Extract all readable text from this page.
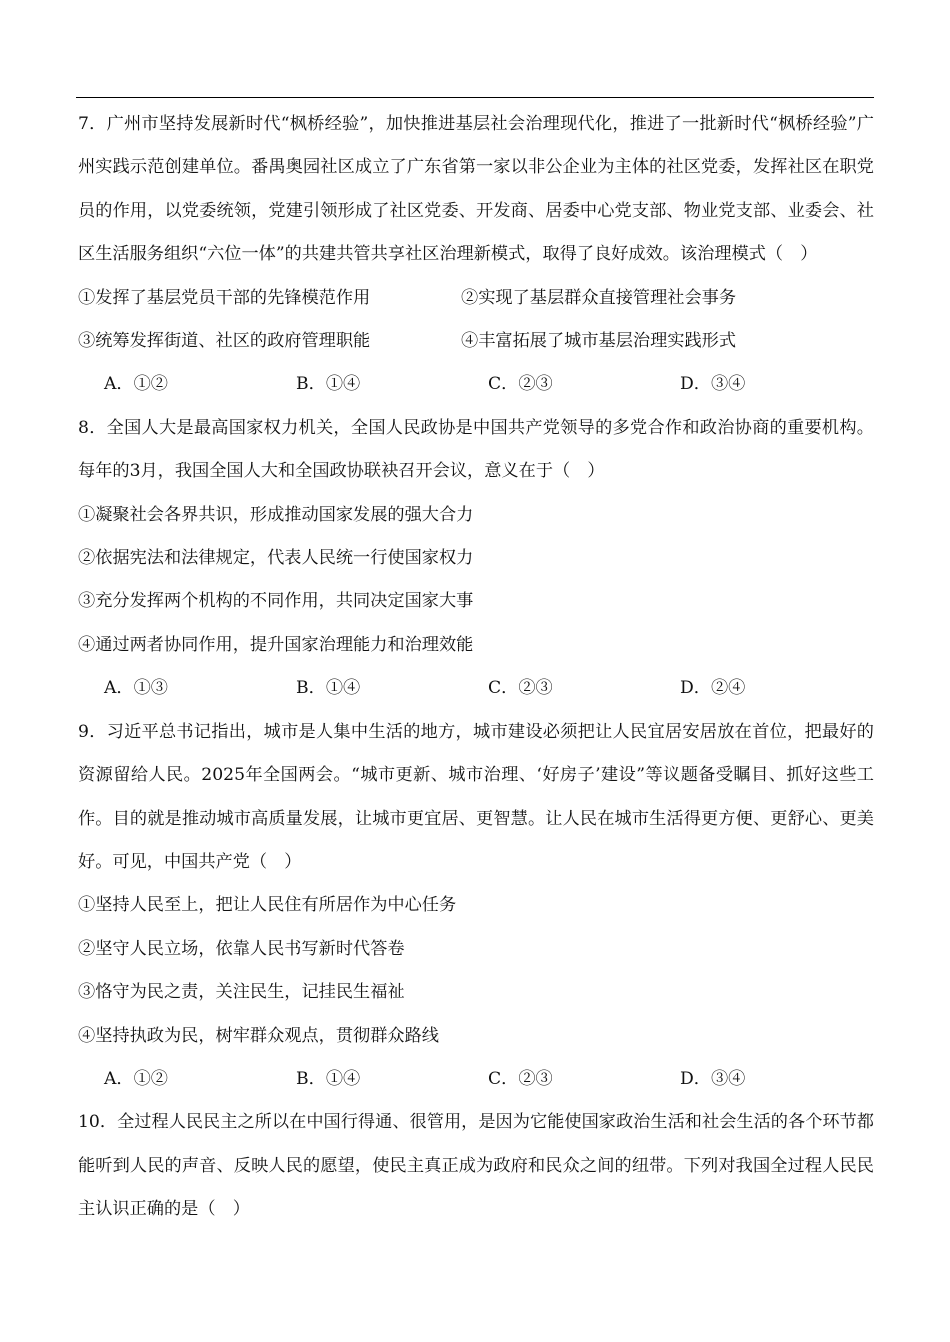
7．广州市坚持发展新时代“枫桥经验”，加快推进基层社会治理现代化，推进了一批新时代“枫桥经验”广州实践示范创建单位。番禺奥园社区成立了广东省第一家以非公企业为主体的社区党委，发挥社区在职党员的作用，以党委统领，党建引领形成了社区党委、开发商、居委中心党支部、物业党支部、业委会、社区生活服务组织“六位一体”的共建共管共享社区治理新模式，取得了良好成效。该治理模式（　）
①发挥了基层党员干部的先锋模范作用	②实现了基层群众直接管理社会事务
③统筹发挥街道、社区的政府管理职能	④丰富拓展了城市基层治理实践形式
A．①②	B．①④	C．②③	D．③④
8．全国人大是最高国家权力机关，全国人民政协是中国共产党领导的多党合作和政治协商的重要机构。每年的3月，我国全国人大和全国政协联袂召开会议，意义在于（　）
①凝聚社会各界共识，形成推动国家发展的强大合力
②依据宪法和法律规定，代表人民统一行使国家权力
③充分发挥两个机构的不同作用，共同决定国家大事
④通过两者协同作用，提升国家治理能力和治理效能
A．①③	B．①④	C．②③	D．②④
9．习近平总书记指出，城市是人集中生活的地方，城市建设必须把让人民宜居安居放在首位，把最好的资源留给人民。2025年全国两会。“城市更新、城市治理、‘好房子’建设”等议题备受瞩目、抓好这些工作。目的就是推动城市高质量发展，让城市更宜居、更智慧。让人民在城市生活得更方便、更舒心、更美好。可见，中国共产党（　）
①坚持人民至上，把让人民住有所居作为中心任务
②坚守人民立场，依靠人民书写新时代答卷
③恪守为民之责，关注民生，记挂民生福祉
④坚持执政为民，树牢群众观点，贯彻群众路线
A．①②	B．①④	C．②③	D．③④
10．全过程人民民主之所以在中国行得通、很管用，是因为它能使国家政治生活和社会生活的各个环节都能听到人民的声音、反映人民的愿望，使民主真正成为政府和民众之间的纽带。下列对我国全过程人民民主认识正确的是（　）
